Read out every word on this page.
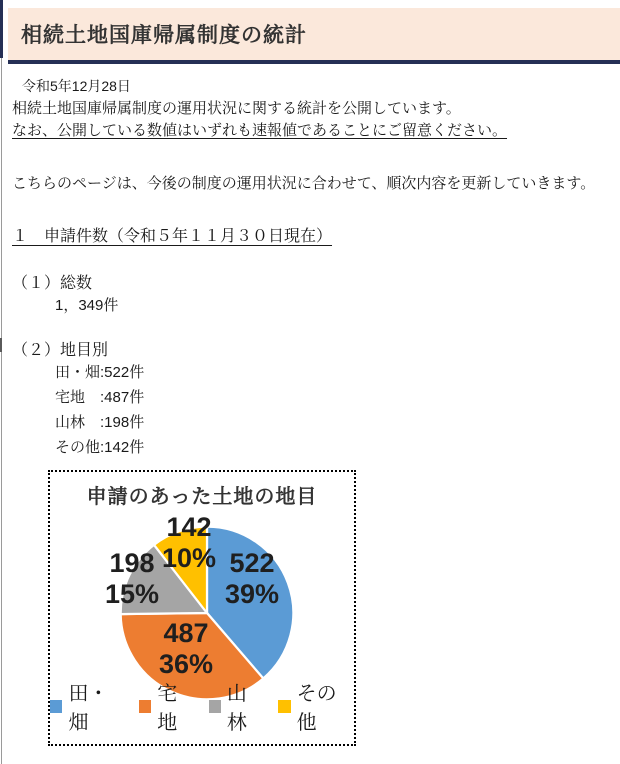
相続土地国庫帰属制度の統計
令和5年12月28日

相続土地国庫帰属制度の運用状況に関する統計を公開しています。
なお、公開している数値はいずれも速報値であることにご留意ください。

こちらのページは、今後の制度の運用状況に合わせて、順次内容を更新していきます。

１　申請件数（令和５年１１月３０日現在）
（１）総数
1，349件
（２）地目別
田・畑:522件
宅地　:487件
山林　:198件
その他:142件
申請のあった土地の地目
522
39%
487
36%
198
15%
142
10%
田・畑
宅地
山林
その他
